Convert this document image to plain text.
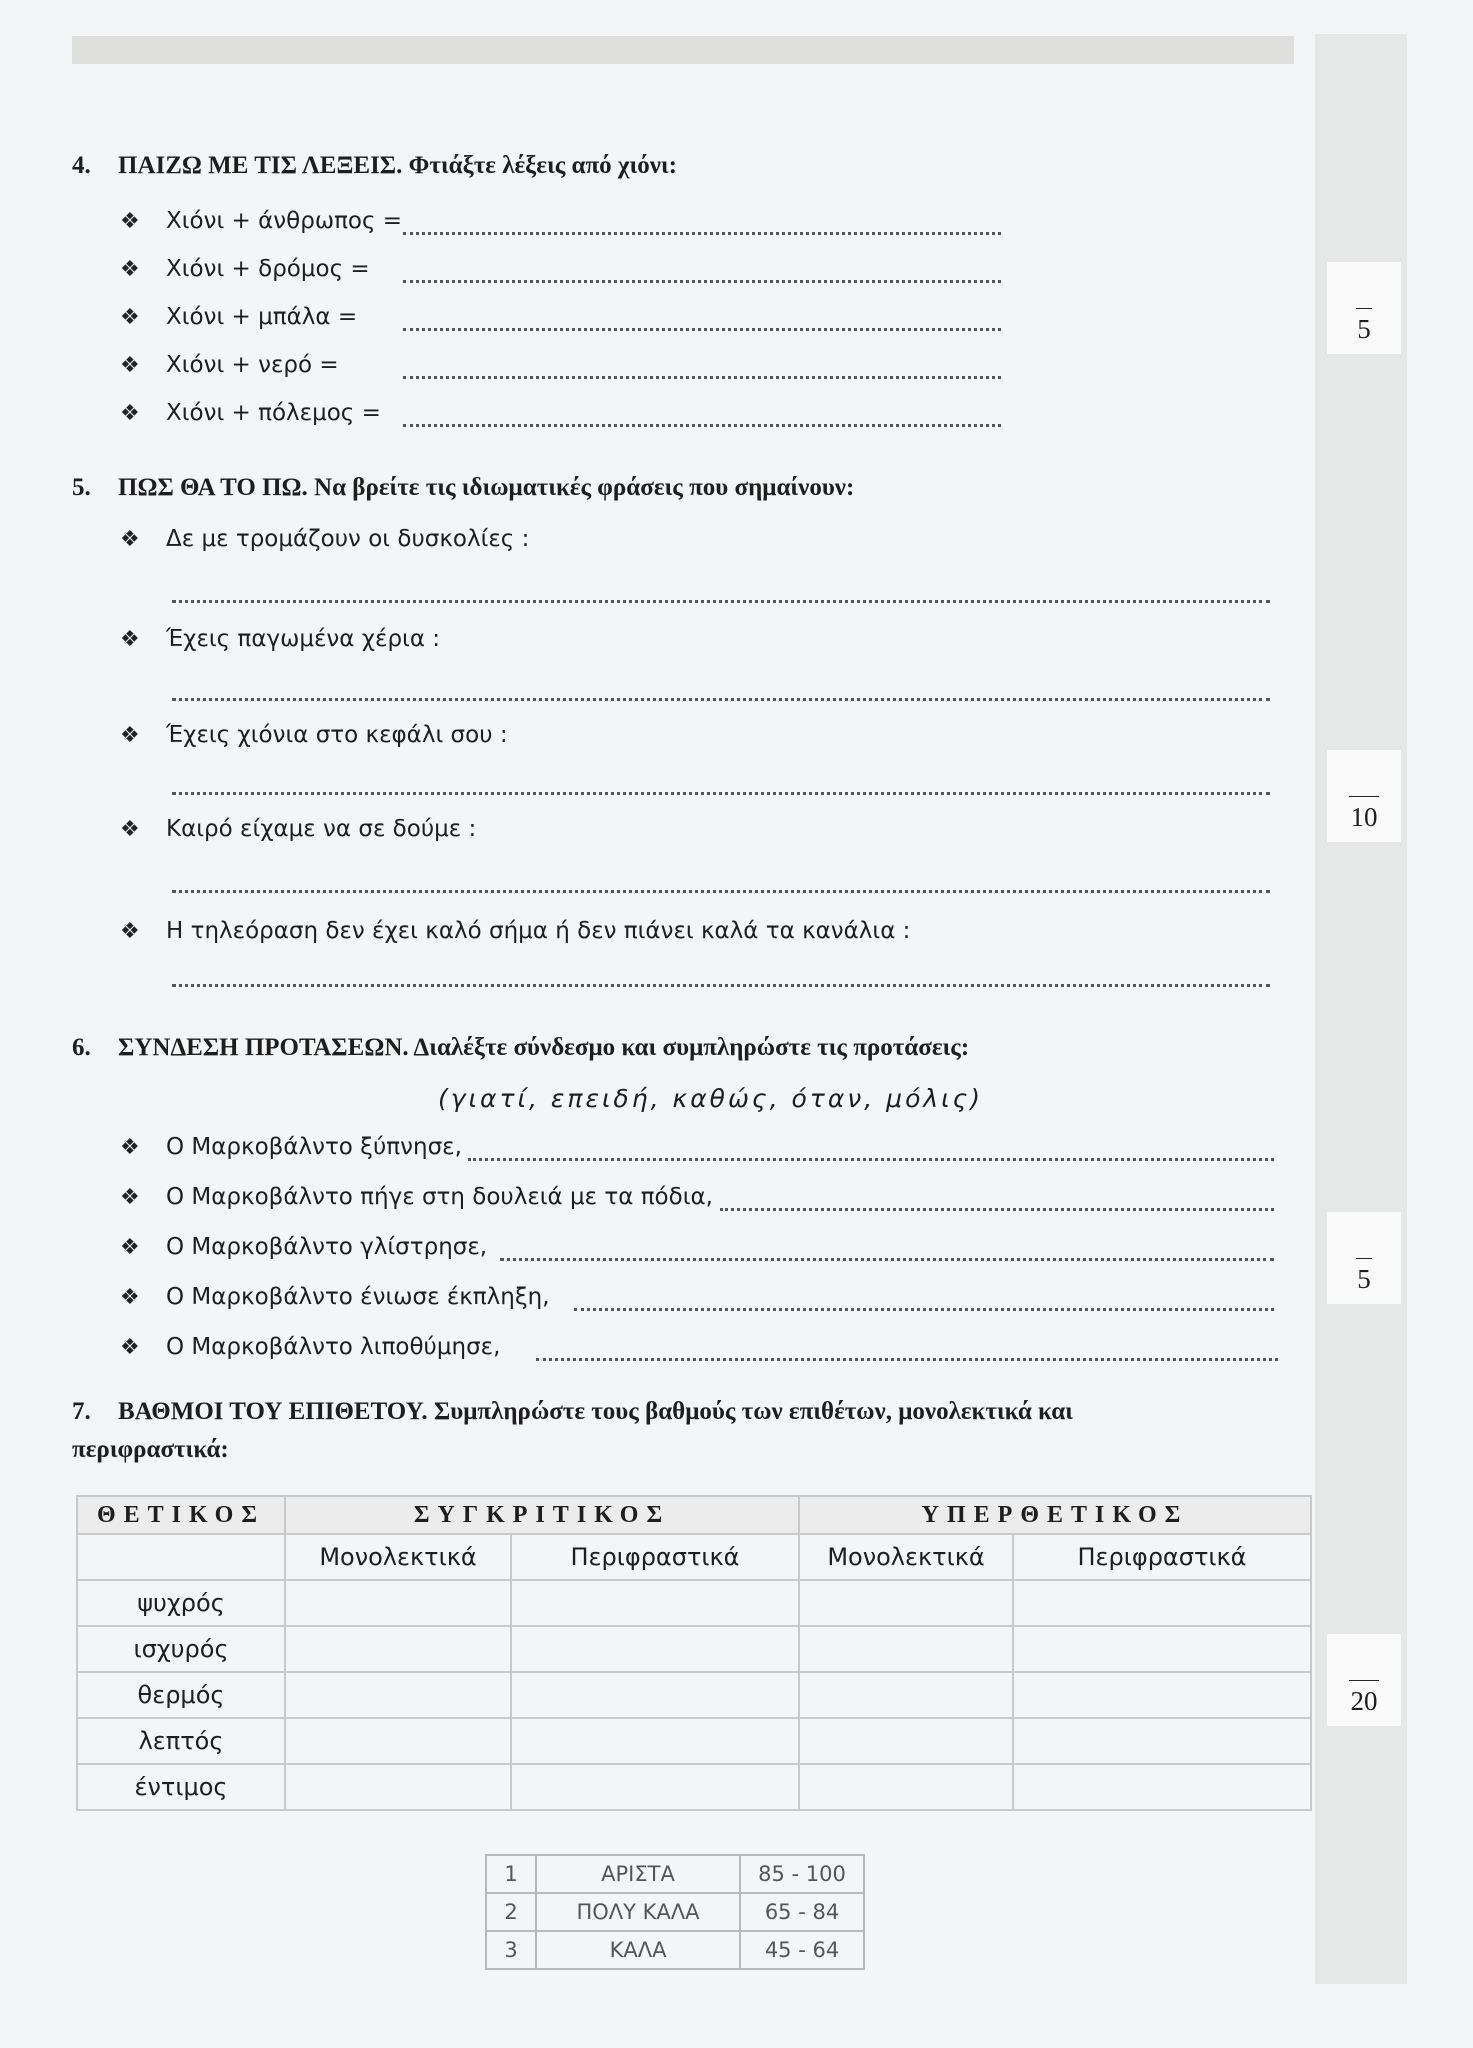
5
10
5
20
4. ΠΑΙΖΩ ΜΕ ΤΙΣ ΛΕΞΕΙΣ. Φτιάξτε λέξεις από χιόνι:
❖ Χιόνι + άνθρωπος =
❖ Χιόνι + δρόμος =
❖ Χιόνι + μπάλα =
❖ Χιόνι + νερό =
❖ Χιόνι + πόλεμος =
5. ΠΩΣ ΘΑ ΤΟ ΠΩ. Να βρείτε τις ιδιωματικές φράσεις που σημαίνουν:
❖ Δε με τρομάζουν οι δυσκολίες :
❖ Έχεις παγωμένα χέρια :
❖ Έχεις χιόνια στο κεφάλι σου :
❖ Καιρό είχαμε να σε δούμε :
❖ Η τηλεόραση δεν έχει καλό σήμα ή δεν πιάνει καλά τα κανάλια :
6. ΣΥΝΔΕΣΗ ΠΡΟΤΑΣΕΩΝ. Διαλέξτε σύνδεσμο και συμπληρώστε τις προτάσεις:
(γιατί, επειδή, καθώς, όταν, μόλις)
❖ Ο Μαρκοβάλντο ξύπνησε,
❖ Ο Μαρκοβάλντο πήγε στη δουλειά με τα πόδια,
❖ Ο Μαρκοβάλντο γλίστρησε,
❖ Ο Μαρκοβάλντο ένιωσε έκπληξη,
❖ Ο Μαρκοβάλντο λιποθύμησε,
7. ΒΑΘΜΟΙ ΤΟΥ ΕΠΙΘΕΤΟΥ. Συμπληρώστε τους βαθμούς των επιθέτων, μονολεκτικά και
περιφραστικά:
ΘΕΤΙΚΟΣ	ΣΥΓΚΡΙΤΙΚΟΣ		ΥΠΕΡΘΕΤΙΚΟΣ	
	Μονολεκτικά	Περιφραστικά	Μονολεκτικά	Περιφραστικά
ψυχρός				
ισχυρός				
θερμός				
λεπτός				
έντιμος				
1	ΑΡΙΣΤΑ	85 - 100
2	ΠΟΛΥ ΚΑΛΑ	65 - 84
3	ΚΑΛΑ	45 - 64
